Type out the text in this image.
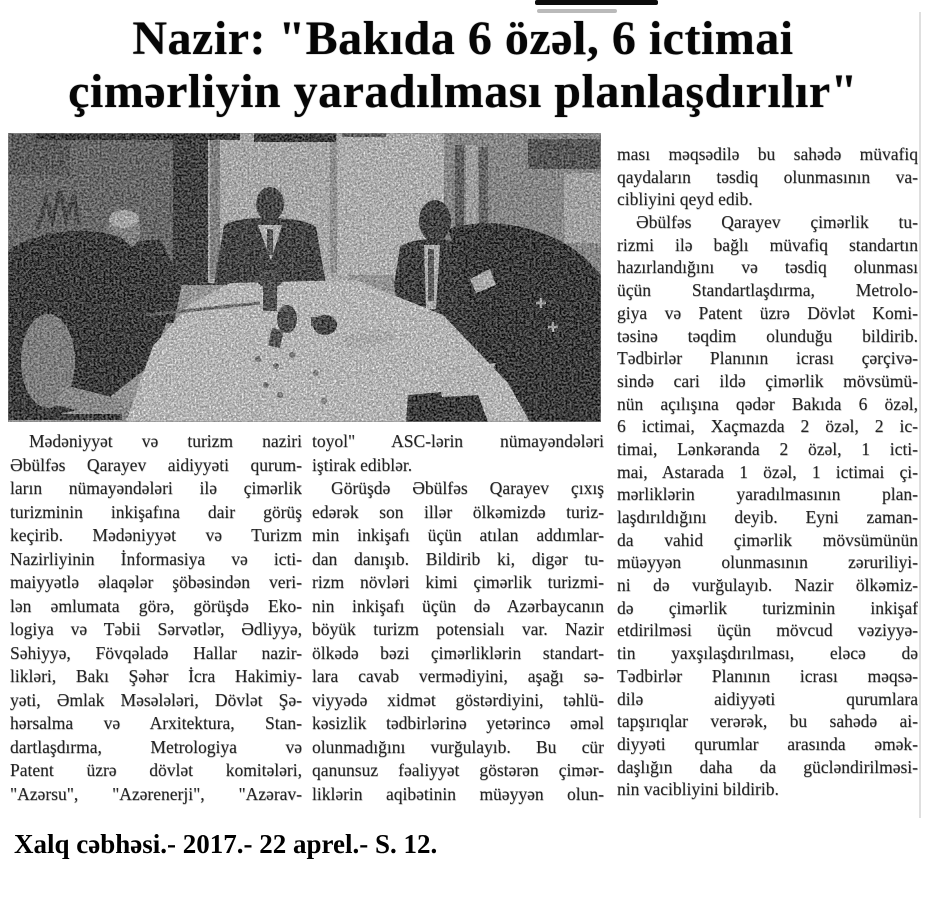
Nazir: "Bakıda 6 özəl, 6 ictimai
çimərliyin yaradılması planlaşdırılır"
Mədəniyyət və turizm naziri
Əbülfəs Qarayev aidiyyəti qurum-
ların nümayəndələri ilə çimərlik
turizminin inkişafına dair görüş
keçirib. Mədəniyyət və Turizm
Nazirliyinin İnformasiya və icti-
maiyyətlə əlaqələr şöbəsindən veri-
lən əmlumata görə, görüşdə Eko-
logiya və Təbii Sərvətlər, Ədliyyə,
Səhiyyə, Fövqəladə Hallar nazir-
likləri, Bakı Şəhər İcra Hakimiy-
yəti, Əmlak Məsələləri, Dövlət Şə-
hərsalma və Arxitektura, Stan-
dartlaşdırma, Metrologiya və
Patent üzrə dövlət komitələri,
"Azərsu", "Azərenerji", "Azərav-
toyol" ASC-lərin nümayəndələri
iştirak ediblər.
Görüşdə Əbülfəs Qarayev çıxış
edərək son illər ölkəmizdə turiz-
min inkişafı üçün atılan addımlar-
dan danışıb. Bildirib ki, digər tu-
rizm növləri kimi çimərlik turizmi-
nin inkişafı üçün də Azərbaycanın
böyük turizm potensialı var. Nazir
ölkədə bəzi çimərliklərin standart-
lara cavab vermədiyini, aşağı sə-
viyyədə xidmət göstərdiyini, təhlü-
kəsizlik tədbirlərinə yetərincə əməl
olunmadığını vurğulayıb. Bu cür
qanunsuz fəaliyyət göstərən çimər-
liklərin aqibətinin müəyyən olun-
ması məqsədilə bu sahədə müvafiq
qaydaların təsdiq olunmasının va-
cibliyini qeyd edib.
Əbülfəs Qarayev çimərlik tu-
rizmi ilə bağlı müvafiq standartın
hazırlandığını və təsdiq olunması
üçün Standartlaşdırma, Metrolo-
giya və Patent üzrə Dövlət Komi-
təsinə təqdim olunduğu bildirib.
Tədbirlər Planının icrası çərçivə-
sində cari ildə çimərlik mövsümü-
nün açılışına qədər Bakıda 6 özəl,
6 ictimai, Xaçmazda 2 özəl, 2 ic-
timai, Lənkəranda 2 özəl, 1 icti-
mai, Astarada 1 özəl, 1 ictimai çi-
mərliklərin yaradılmasının plan-
laşdırıldığını deyib. Eyni zaman-
da vahid çimərlik mövsümünün
müəyyən olunmasının zəruriliyi-
ni də vurğulayıb. Nazir ölkəmiz-
də çimərlik turizminin inkişaf
etdirilməsi üçün mövcud vəziyyə-
tin yaxşılaşdırılması, eləcə də
Tədbirlər Planının icrası məqsə-
dilə aidiyyəti qurumlara
tapşırıqlar verərək, bu sahədə ai-
diyyəti qurumlar arasında əmək-
daşlığın daha da gücləndirilməsi-
nin vacibliyini bildirib.
Xalq cəbhəsi.- 2017.- 22 aprel.- S. 12.
